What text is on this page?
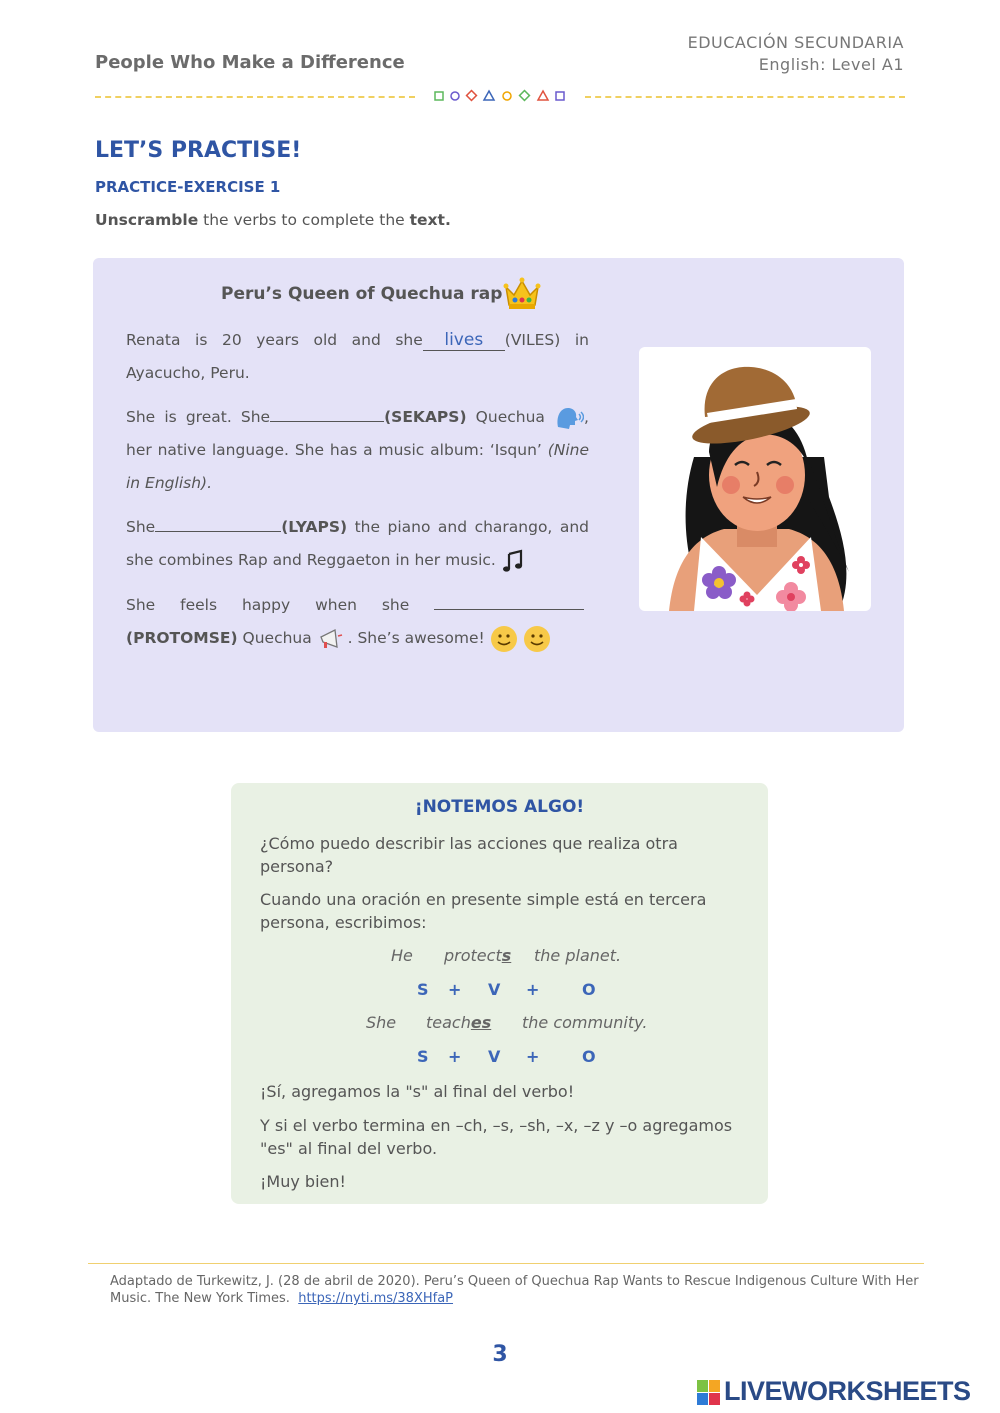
People Who Make a Difference
EDUCACIÓN SECUNDARIA
English: Level A1
LET’S PRACTISE!
PRACTICE-EXERCISE 1
Unscramble the verbs to complete the text.
Peru’s Queen of Quechua rap
Renata is 20 years old and she lives (VILES) in Ayacucho, Peru.
She is great. She	(SEKAPS) Quechua , her native language. She has a music album: ‘Isqun’ (Nine in English).
She	(LYAPS) the piano and charango, and she combines Rap and Reggaeton in her music.
She feels happy when she
(PROTOMSE) Quechua  . She’s awesome!
¡NOTEMOS ALGO!
¿Cómo puedo describir las acciones que realiza otra persona?
Cuando una oración en presente simple está en tercera persona, escribimos:
He protects the planet.
S + V +	O
She teaches the community.
S + V +	O
¡Sí, agregamos la "s" al final del verbo!
Y si el verbo termina en –ch, –s, –sh, –x, –z y –o agregamos "es" al final del verbo.
¡Muy bien!
Adaptado de Turkewitz, J. (28 de abril de 2020). Peru’s Queen of Quechua Rap Wants to Rescue Indigenous Culture With Her Music. The New York Times. https://nyti.ms/38XHfaP
3
LIVEWORKSHEETS
